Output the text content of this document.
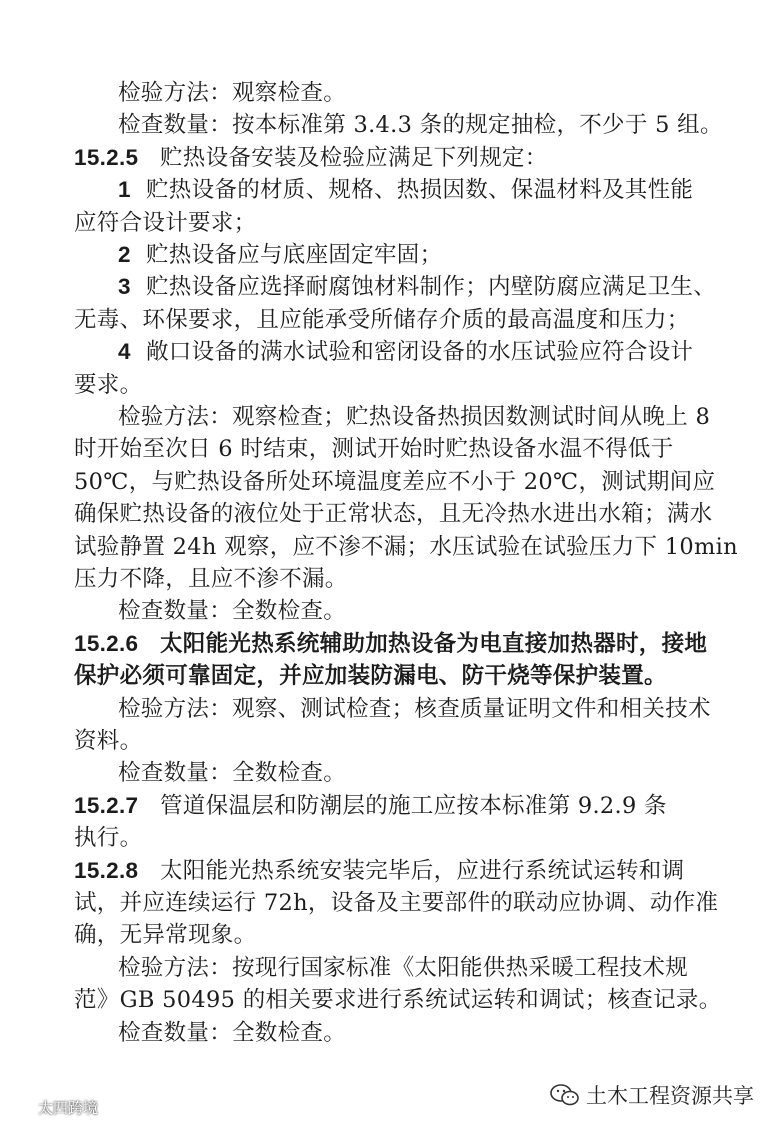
检验方法：观察检查。
检查数量：按本标准第 3.4.3 条的规定抽检，不少于 5 组。
15.2.5 贮热设备安装及检验应满足下列规定：
1 贮热设备的材质、规格、热损因数、保温材料及其性能
应符合设计要求；
2 贮热设备应与底座固定牢固；
3 贮热设备应选择耐腐蚀材料制作；内壁防腐应满足卫生、
无毒、环保要求，且应能承受所储存介质的最高温度和压力；
4 敞口设备的满水试验和密闭设备的水压试验应符合设计
要求。
检验方法：观察检查；贮热设备热损因数测试时间从晚上 8
时开始至次日 6 时结束，测试开始时贮热设备水温不得低于
50℃，与贮热设备所处环境温度差应不小于 20℃，测试期间应
确保贮热设备的液位处于正常状态，且无冷热水进出水箱；满水
试验静置 24h 观察，应不渗不漏；水压试验在试验压力下 10min
压力不降，且应不渗不漏。
检查数量：全数检查。
15.2.6 太阳能光热系统辅助加热设备为电直接加热器时，接地
保护必须可靠固定，并应加装防漏电、防干烧等保护装置。
检验方法：观察、测试检查；核查质量证明文件和相关技术
资料。
检查数量：全数检查。
15.2.7 管道保温层和防潮层的施工应按本标准第 9.2.9 条
执行。
15.2.8 太阳能光热系统安装完毕后，应进行系统试运转和调
试，并应连续运行 72h，设备及主要部件的联动应协调、动作准
确，无异常现象。
检验方法：按现行国家标准《太阳能供热采暖工程技术规
范》GB 50495 的相关要求进行系统试运转和调试；核查记录。
检查数量：全数检查。
太四跨境	土木工程资源共享
